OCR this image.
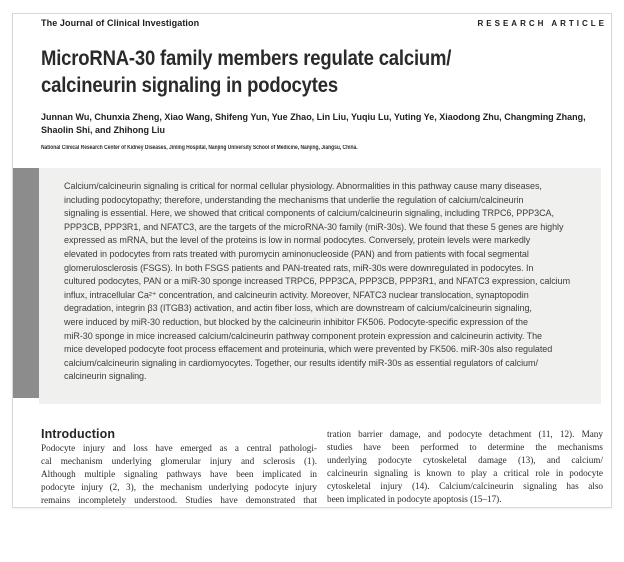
The Journal of Clinical Investigation	RESEARCH ARTICLE
MicroRNA-30 family members regulate calcium/
calcineurin signaling in podocytes
Junnan Wu, Chunxia Zheng, Xiao Wang, Shifeng Yun, Yue Zhao, Lin Liu, Yuqiu Lu, Yuting Ye, Xiaodong Zhu, Changming Zhang,
Shaolin Shi, and Zhihong Liu
National Clinical Research Center of Kidney Diseases, Jinling Hospital, Nanjing University School of Medicine, Nanjing, Jiangsu, China.
Calcium/calcineurin signaling is critical for normal cellular physiology. Abnormalities in this pathway cause many diseases,
including podocytopathy; therefore, understanding the mechanisms that underlie the regulation of calcium/calcineurin
signaling is essential. Here, we showed that critical components of calcium/calcineurin signaling, including TRPC6, PPP3CA,
PPP3CB, PPP3R1, and NFATC3, are the targets of the microRNA-30 family (miR-30s). We found that these 5 genes are highly
expressed as mRNA, but the level of the proteins is low in normal podocytes. Conversely, protein levels were markedly
elevated in podocytes from rats treated with puromycin aminonucleoside (PAN) and from patients with focal segmental
glomerulosclerosis (FSGS). In both FSGS patients and PAN-treated rats, miR-30s were downregulated in podocytes. In
cultured podocytes, PAN or a miR-30 sponge increased TRPC6, PPP3CA, PPP3CB, PPP3R1, and NFATC3 expression, calcium
influx, intracellular Ca²⁺ concentration, and calcineurin activity. Moreover, NFATC3 nuclear translocation, synaptopodin
degradation, integrin β3 (ITGB3) activation, and actin fiber loss, which are downstream of calcium/calcineurin signaling,
were induced by miR-30 reduction, but blocked by the calcineurin inhibitor FK506. Podocyte-specific expression of the
miR-30 sponge in mice increased calcium/calcineurin pathway component protein expression and calcineurin activity. The
mice developed podocyte foot process effacement and proteinuria, which were prevented by FK506. miR-30s also regulated
calcium/calcineurin signaling in cardiomyocytes. Together, our results identify miR-30s as essential regulators of calcium/
calcineurin signaling.
Introduction
Podocyte injury and loss have emerged as a central pathologi-
cal mechanism underlying glomerular injury and sclerosis (1).
Although multiple signaling pathways have been implicated in
podocyte injury (2, 3), the mechanism underlying podocyte injury
remains incompletely understood. Studies have demonstrated that
tration barrier damage, and podocyte detachment (11, 12). Many
studies have been performed to determine the mechanisms
underlying podocyte cytoskeletal damage (13), and calcium/
calcineurin signaling is known to play a critical role in podocyte
cytoskeletal injury (14). Calcium/calcineurin signaling has also
been implicated in podocyte apoptosis (15–17).
